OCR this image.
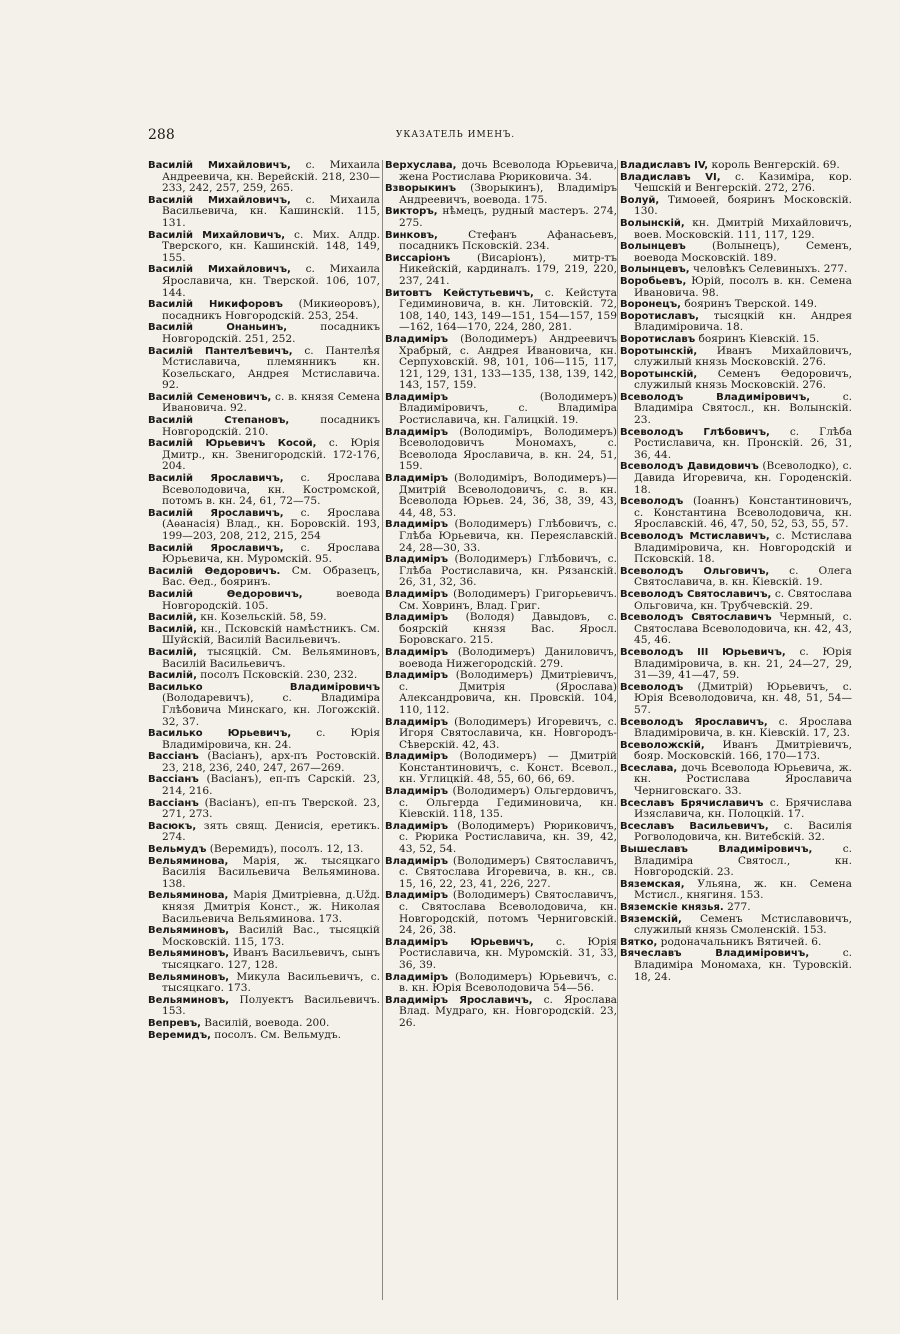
288	УКАЗАТЕЛЬ ИМЕНЪ.

Василій Михайловичъ, с. Михаила Андреевича, кн. Верейскій. 218, 230—233, 242, 257, 259, 265.

Василій Михайловичъ, с. Михаила Васильевича, кн. Кашинскій. 115, 131.

Василій Михайловичъ, с. Мих. Алдр. Тверского, кн. Кашинскій. 148, 149, 155.

Василій Михайловичъ, с. Михаила Ярославича, кн. Тверской. 106, 107, 144.

Василій Никифоровъ (Микиѳоровъ), посадникъ Новгородскій. 253, 254.

Василій Онаньинъ,	посадникъ Новгородскій. 251, 252.

Василій Пантелѣевичъ, с. Пантелѣя Мстиславича, племянникъ кн. Козельскаго, Андрея Мстиславича. 92.

Василій Семеновичъ, с. в. князя Семена Ивановича. 92.

Василій Степановъ,	посадникъ Новгородскій. 210.

Василій Юрьевичъ Косой, с. Юрія Дмитр., кн. Звенигородскій. 172-176, 204.

Василій Ярославичъ, с. Ярослава Всеволодовича, кн. Костромской, потомъ в. кн. 24, 61, 72—75.

Василій Ярославичъ, с. Ярослава (Аѳанасія) Влад., кн. Боровскій. 193, 199—203, 208, 212, 215, 254

Василій Ярославичъ, с. Ярослава Юрьевича, кн. Муромскій. 95.

Василій Ѳедоровичъ. См. Образецъ, Вас. Ѳед., бояринъ.

Василій Ѳедоровичъ,	воевода Новгородскій. 105.

Василій, кн. Козельскій. 58, 59.

Василій, кн., Псковскій намѣстникъ. См. Шуйскій, Василій Васильевичъ.

Василій, тысяцкій. См. Вельяминовъ, Василій Васильевичъ.

Василій, посолъ Псковскій. 230, 232.

Василько Владиміровичъ (Володаревичъ), с. Владиміра Глѣбовича Минскаго, кн. Логожскій. 32, 37.

Василько Юрьевичъ, с. Юрія Владиміровича, кн. 24.

Вассіанъ (Васіанъ), арх-пъ Ростовскій. 23, 218, 236, 240, 247, 267—269.

Вассіанъ (Васіанъ), еп-пъ Сарскій. 23, 214, 216.

Вассіанъ (Васіанъ), еп-пъ Тверской. 23, 271, 273.

Васюкъ, зять свящ. Денисія, еретикъ. 274.

Вельмудъ (Веремидъ), посолъ. 12, 13.

Вельяминова, Марія, ж. тысяцкаго Василія Васильевича Вельяминова. 138.

Вельяминова, Марія Дмитріевна, д.Užд. князя Дмитрія Конст., ж. Николая Васильевича Вельяминова. 173.

Вельяминовъ, Василій Вас., тысяцкій Московскій. 115, 173.

Вельяминовъ, Иванъ Васильевичъ, сынъ тысяцкаго. 127, 128.

Вельяминовъ, Микула Васильевичъ, с. тысяцкаго. 173.

Вельяминовъ, Полуектъ Васильевичъ. 153.

Вепревъ, Василій, воевода. 200.

Веремидъ, посолъ. См. Вельмудъ.

Верхуслава, дочь Всеволода Юрьевича, жена Ростислава Рюриковича. 34.

Взворыкинъ (Зворыкинъ), Владиміръ Андреевичъ, воевода. 175.

Викторъ, нѣмецъ, рудный мастеръ. 274, 275.

Винковъ,	Стефанъ Афанасьевъ, посадникъ Псковскій. 234.

Виссаріонъ	(Висаріонъ), митр-тъ Никейскій, кардиналъ. 179, 219, 220, 237, 241.

Витовтъ Кейстутьевичъ, с. Кейстута Гедиминовича, в. кн. Литовскій. 72, 108, 140, 143, 149—151, 154—157, 159—162, 164—170, 224, 280, 281.

Владиміръ (Володимеръ) Андреевичъ Храбрый, с. Андрея Ивановича, кн. Серпуховскій. 98, 101, 106—115, 117, 121, 129, 131, 133—135, 138, 139, 142, 143, 157, 159.

Владиміръ	(Володимеръ) Владиміровичъ, с. Владиміра Ростиславича, кн. Галицкій. 19.

Владиміръ (Володиміръ, Володимеръ) Всеволодовичъ Мономахъ, с. Всеволода Ярославича, в. кн. 24, 51, 159.

Владиміръ (Володиміръ, Володимеръ)—Дмитрій Всеволодовичъ, с. в. кн. Всеволода Юрьев. 24, 36, 38, 39, 43, 44, 48, 53.

Владиміръ (Володимеръ) Глѣбовичъ, с. Глѣба Юрьевича, кн. Переяславскій. 24, 28—30, 33.

Владиміръ (Володимеръ) Глѣбовичъ, с. Глѣба Ростиславича, кн. Рязанскій. 26, 31, 32, 36.

Владиміръ (Володимеръ) Григорьевичъ. См. Ховринъ, Влад. Григ.

Владиміръ (Володя) Давыдовъ, с. боярскій князя Вас. Яросл. Боровскаго. 215.

Владиміръ (Володимеръ) Даниловичъ, воевода Нижегородскій. 279.

Владиміръ (Володимеръ) Дмитріевичъ, с. Дмитрія (Ярослава) Александровича, кн. Провскій. 104, 110, 112.

Владиміръ (Володимеръ) Игоревичъ, с. Игоря Святославича, кн. Новгородъ-Сѣверскій. 42, 43.

Владиміръ (Володимеръ) — Дмитрій Константиновичъ, с. Конст. Всевол., кн. Углицкій. 48, 55, 60, 66, 69.

Владиміръ (Володимеръ) Ольгердовичъ, с. Ольгерда Гедиминовича, кн. Кіевскій. 118, 135.

Владиміръ (Володимеръ) Рюриковичъ, с. Рюрика Ростиславича, кн. 39, 42, 43, 52, 54.

Владиміръ (Володимеръ) Святославичъ, с. Святослава Игоревича, в. кн., св. 15, 16, 22, 23, 41, 226, 227.

Владиміръ (Володимеръ) Святославичъ, с. Святослава Всеволодовича, кн. Новгородскій, потомъ Черниговскій. 24, 26, 38.

Владиміръ Юрьевичъ, с. Юрія Ростиславича, кн. Муромскій. 31, 33, 36, 39.

Владиміръ (Володимеръ) Юрьевичъ, с. в. кн. Юрія Всеволодовича 54—56.

Владиміръ Ярославичъ, с. Ярослава Влад. Мудраго, кн. Новгородскій. 23, 26.

Владиславъ IV, король Венгерскій. 69.

Владиславъ VI, с. Казиміра, кор. Чешскій и Венгерскій. 272, 276.

Волуй, Тимоѳей, бояринъ Московскій. 130.

Волынскій, кн. Дмитрій Михайловичъ, воев. Московскій. 111, 117, 129.

Волынцевъ (Волынецъ), Семенъ, воевода Московскій. 189.

Волынцевъ, человѣкъ Селевиныхъ. 277.

Воробьевъ, Юрій, посолъ в. кн. Семена Ивановича. 98.

Воронецъ, бояринъ Тверской. 149.

Воротиславъ, тысяцкій кн. Андрея Владиміровича. 18.

Воротиславъ бояринъ Кіевскій. 15.

Воротынскій, Иванъ Михайловичъ, служилый князь Московскій. 276.

Воротынскій, Семенъ Ѳедоровичъ, служилый князь Московскій. 276.

Всеволодъ Владиміровичъ,	с. Владиміра Святосл., кн. Волынскій. 23.

Всеволодъ Глѣбовичъ, с. Глѣба Ростиславича, кн. Пронскій. 26, 31, 36, 44.

Всеволодъ Давидовичъ (Всеволодко), с. Давида Игоревича, кн. Городенскій. 18.

Всеволодъ (Іоаннъ) Константиновичъ, с. Константина Всеволодовича, кн. Ярославскій. 46, 47, 50, 52, 53, 55, 57.

Всеволодъ Мстиславичъ, с. Мстислава Владиміровича, кн. Новгородскій и Псковскій. 18.

Всеволодъ Ольговичъ, с. Олега Святославича, в. кн. Кіевскій. 19.

Всеволодъ Святославичъ, с. Святослава Ольговича, кн. Трубчевскій. 29.

Всеволодъ Святославичъ Чермный, с. Святослава Всеволодовича, кн. 42, 43, 45, 46.

Всеволодъ III Юрьевичъ, с. Юрія Владиміровича, в. кн. 21, 24—27, 29, 31—39, 41—47, 59.

Всеволодъ (Дмитрій) Юрьевичъ, с. Юрія Всеволодовича, кн. 48, 51, 54—57.

Всеволодъ Ярославичъ, с. Ярослава Владиміровича, в. кн. Кіевскій. 17, 23.

Всеволожскій, Иванъ Дмитріевичъ, бояр. Московскій. 166, 170—173.

Всеслава, дочь Всеволода Юрьевича, ж. кн. Ростислава Ярославича Черниговскаго. 33.

Всеславъ Брячиславичъ с. Брячислава Изяславича, кн. Полоцкій. 17.

Всеславъ Васильевичъ, с. Василія Рогволодовича, кн. Витебскій. 32.

Вышеславъ Владиміровичъ,	с. Владиміра Святосл., кн. Новгородскій. 23.

Вяземская, Ульяна, ж. кн. Семена Мстисл., княгиня. 153.

Вяземскіе князья. 277.

Вяземскій, Семенъ Мстиславовичъ, служилый князь Смоленскій. 153.

Вятко, родоначальникъ Вятичей. 6.

Вячеславъ Владиміровичъ,	с. Владиміра Мономаха, кн. Туровскій. 18, 24.
